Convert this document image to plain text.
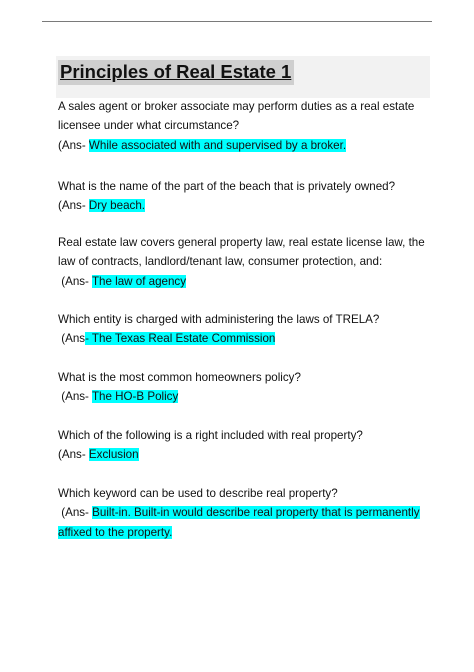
Principles of Real Estate 1
A sales agent or broker associate may perform duties as a real estate
licensee under what circumstance?
(Ans- While associated with and supervised by a broker.
What is the name of the part of the beach that is privately owned?
(Ans- Dry beach.
Real estate law covers general property law, real estate license law, the
law of contracts, landlord/tenant law, consumer protection, and:
(Ans- The law of agency
Which entity is charged with administering the laws of TRELA?
(Ans- The Texas Real Estate Commission
What is the most common homeowners policy?
(Ans- The HO-B Policy
Which of the following is a right included with real property?
(Ans- Exclusion
Which keyword can be used to describe real property?
(Ans- Built-in. Built-in would describe real property that is permanently
affixed to the property.
